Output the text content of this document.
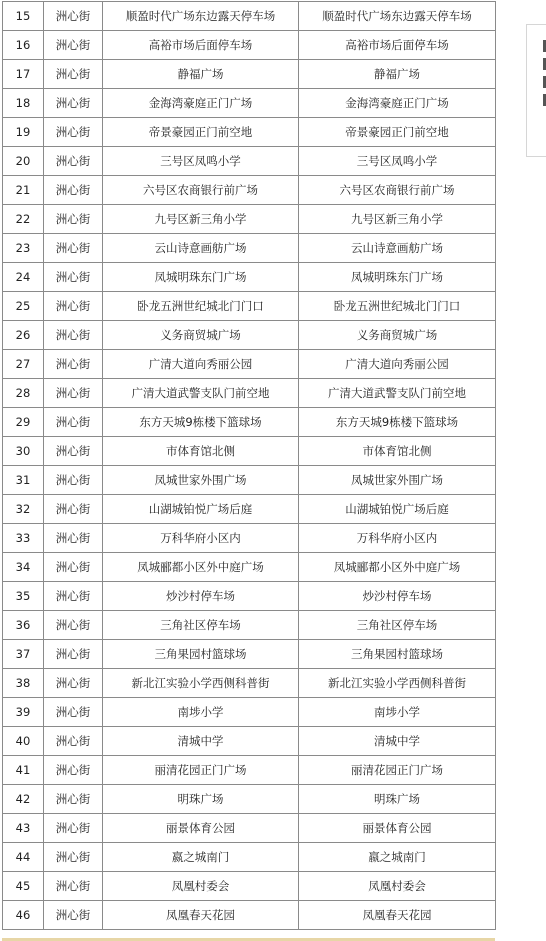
15	洲心街	顺盈时代广场东边露天停车场	顺盈时代广场东边露天停车场
16	洲心街	高裕市场后面停车场	高裕市场后面停车场
17	洲心街	静福广场	静福广场
18	洲心街	金海湾豪庭正门广场	金海湾豪庭正门广场
19	洲心街	帝景豪园正门前空地	帝景豪园正门前空地
20	洲心街	三号区凤鸣小学	三号区凤鸣小学
21	洲心街	六号区农商银行前广场	六号区农商银行前广场
22	洲心街	九号区新三角小学	九号区新三角小学
23	洲心街	云山诗意画舫广场	云山诗意画舫广场
24	洲心街	凤城明珠东门广场	凤城明珠东门广场
25	洲心街	卧龙五洲世纪城北门门口	卧龙五洲世纪城北门门口
26	洲心街	义务商贸城广场	义务商贸城广场
27	洲心街	广清大道向秀丽公园	广清大道向秀丽公园
28	洲心街	广清大道武警支队门前空地	广清大道武警支队门前空地
29	洲心街	东方天城9栋楼下篮球场	东方天城9栋楼下篮球场
30	洲心街	市体育馆北侧	市体育馆北侧
31	洲心街	凤城世家外围广场	凤城世家外围广场
32	洲心街	山湖城铂悦广场后庭	山湖城铂悦广场后庭
33	洲心街	万科华府小区内	万科华府小区内
34	洲心街	凤城郦都小区外中庭广场	凤城郦都小区外中庭广场
35	洲心街	炒沙村停车场	炒沙村停车场
36	洲心街	三角社区停车场	三角社区停车场
37	洲心街	三角果园村篮球场	三角果园村篮球场
38	洲心街	新北江实验小学西侧科普街	新北江实验小学西侧科普街
39	洲心街	南埗小学	南埗小学
40	洲心街	清城中学	清城中学
41	洲心街	丽清花园正门广场	丽清花园正门广场
42	洲心街	明珠广场	明珠广场
43	洲心街	丽景体育公园	丽景体育公园
44	洲心街	嬴之城南门	嬴之城南门
45	洲心街	凤凰村委会	凤凰村委会
46	洲心街	凤凰春天花园	凤凰春天花园
